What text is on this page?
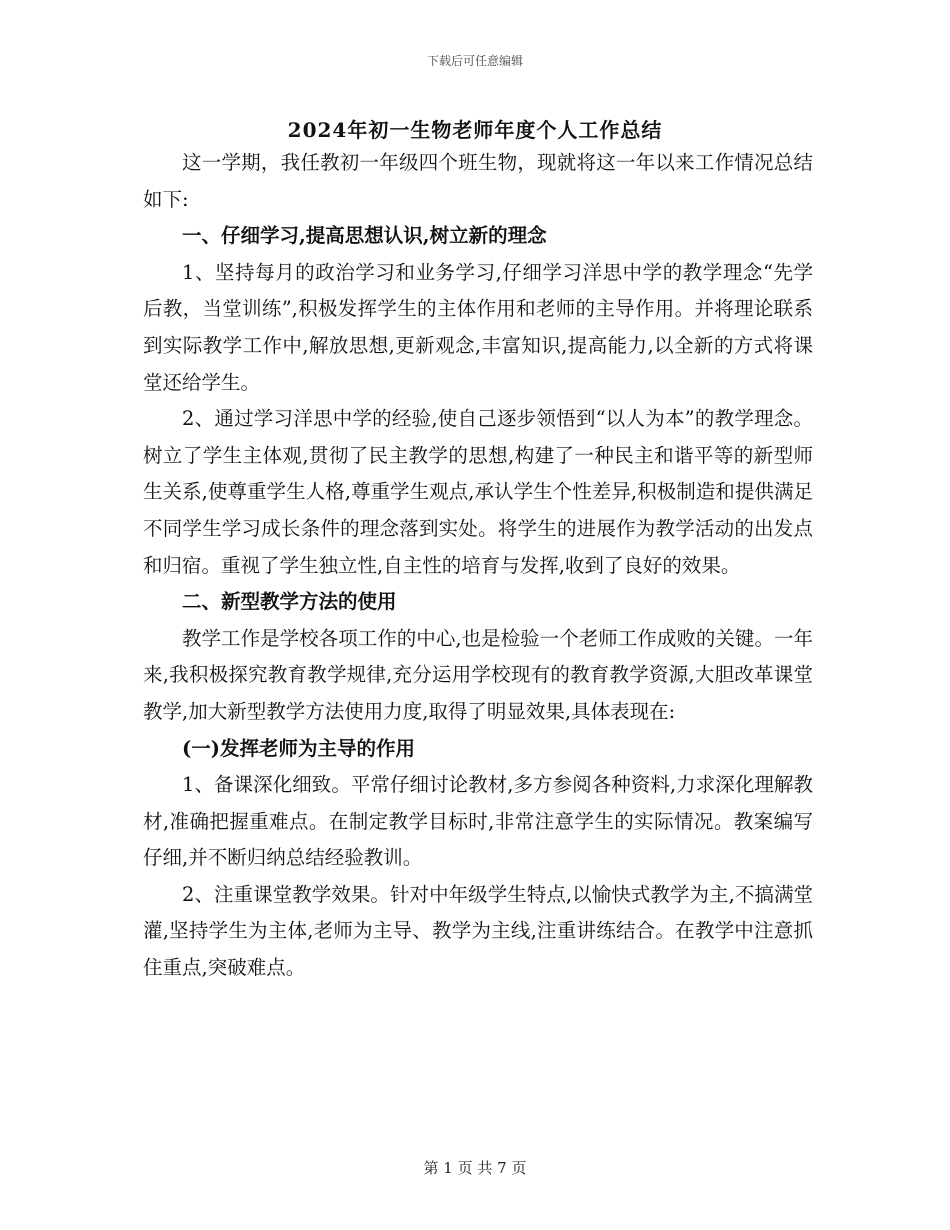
下载后可任意编辑
2024年初一生物老师年度个人工作总结

这一学期，我任教初一年级四个班生物，现就将这一年以来工作情况总结如下:

一、仔细学习,提高思想认识,树立新的理念

1、坚持每月的政治学习和业务学习,仔细学习洋思中学的教学理念“先学后教，当堂训练”,积极发挥学生的主体作用和老师的主导作用。并将理论联系到实际教学工作中,解放思想,更新观念,丰富知识,提高能力,以全新的方式将课堂还给学生。

2、通过学习洋思中学的经验,使自己逐步领悟到“以人为本”的教学理念。树立了学生主体观,贯彻了民主教学的思想,构建了一种民主和谐平等的新型师生关系,使尊重学生人格,尊重学生观点,承认学生个性差异,积极制造和提供满足不同学生学习成长条件的理念落到实处。将学生的进展作为教学活动的出发点和归宿。重视了学生独立性,自主性的培育与发挥,收到了良好的效果。

二、新型教学方法的使用

教学工作是学校各项工作的中心,也是检验一个老师工作成败的关键。一年来,我积极探究教育教学规律,充分运用学校现有的教育教学资源,大胆改革课堂教学,加大新型教学方法使用力度,取得了明显效果,具体表现在:

(一)发挥老师为主导的作用

1、备课深化细致。平常仔细讨论教材,多方参阅各种资料,力求深化理解教材,准确把握重难点。在制定教学目标时,非常注意学生的实际情况。教案编写仔细,并不断归纳总结经验教训。

2、注重课堂教学效果。针对中年级学生特点,以愉快式教学为主,不搞满堂灌,坚持学生为主体,老师为主导、教学为主线,注重讲练结合。在教学中注意抓住重点,突破难点。

第 1 页 共 7 页
